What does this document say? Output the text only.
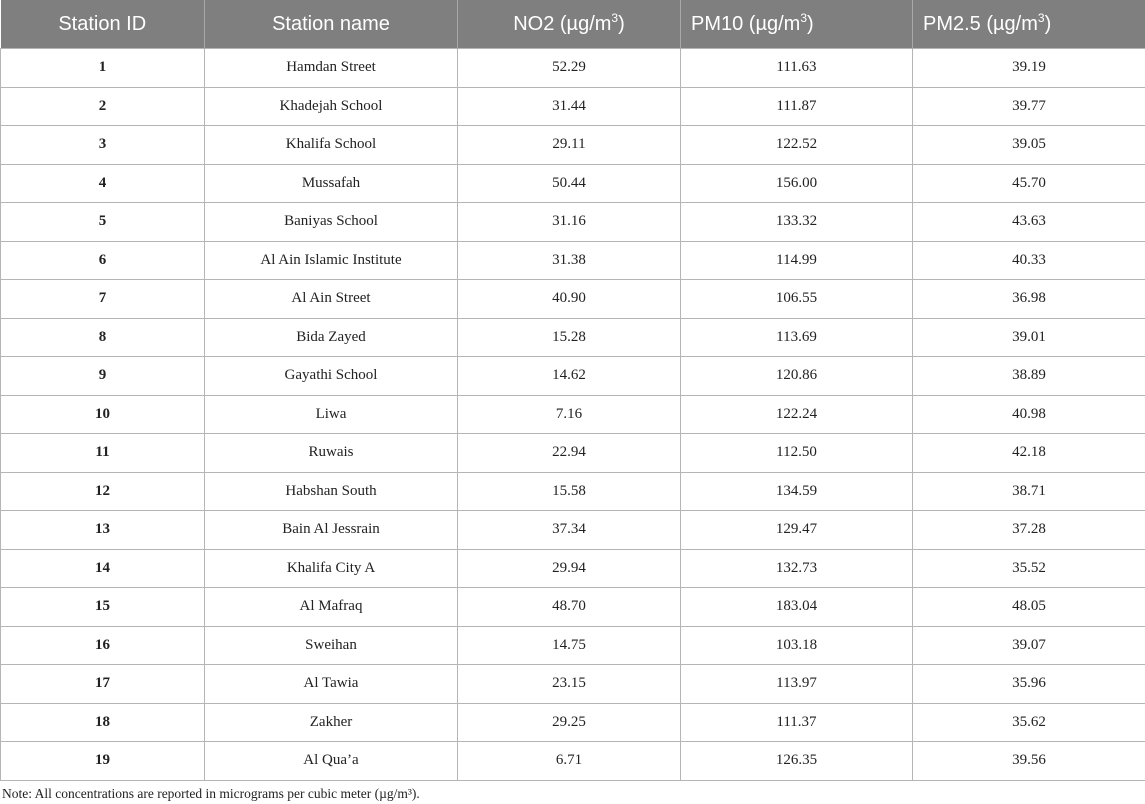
Station ID	Station name	NO2 $(\mu g/m^3)$	PM10 $(\mu g/m^3)$	PM2.5 $(\mu g/m^3)$
1	Hamdan Street	52.29	111.63	39.19
2	Khadejah School	31.44	111.87	39.77
3	Khalifa School	29.11	122.52	39.05
4	Mussafah	50.44	156.00	45.70
5	Baniyas School	31.16	133.32	43.63
6	Al Ain Islamic Institute	31.38	114.99	40.33
7	Al Ain Street	40.90	106.55	36.98
8	Bida Zayed	15.28	113.69	39.01
9	Gayathi School	14.62	120.86	38.89
10	Liwa	7.16	122.24	40.98
11	Ruwais	22.94	112.50	42.18
12	Habshan South	15.58	134.59	38.71
13	Bain Al Jessrain	37.34	129.47	37.28
14	Khalifa City A	29.94	132.73	35.52
15	Al Mafraq	48.70	183.04	48.05
16	Sweihan	14.75	103.18	39.07
17	Al Tawia	23.15	113.97	35.96
18	Zakher	29.25	111.37	35.62
19	Al Qua’a	6.71	126.35	39.56
Note: All concentrations are reported in micrograms per cubic meter (µg/m³).
